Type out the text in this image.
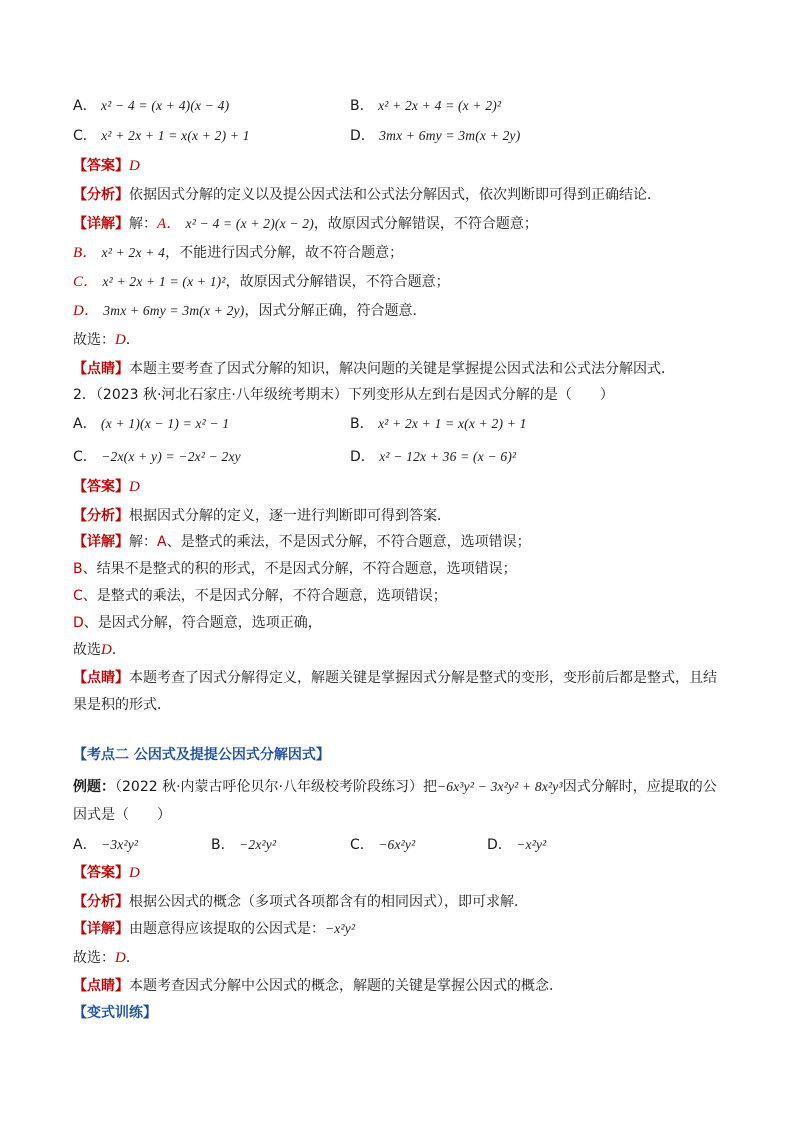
A． x² − 4 = (x + 4)(x − 4)	B． x² + 2x + 4 = (x + 2)²
C． x² + 2x + 1 = x(x + 2) + 1	D． 3mx + 6my = 3m(x + 2y)
【答案】D
【分析】依据因式分解的定义以及提公因式法和公式法分解因式，依次判断即可得到正确结论．
【详解】解：A． x² − 4 = (x + 2)(x − 2)，故原因式分解错误，不符合题意；
B． x² + 2x + 4，不能进行因式分解，故不符合题意；
C． x² + 2x + 1 = (x + 1)²，故原因式分解错误，不符合题意；
D． 3mx + 6my = 3m(x + 2y)，因式分解正确，符合题意．
故选：D．
【点睛】本题主要考查了因式分解的知识，解决问题的关键是掌握提公因式法和公式法分解因式．
2．（2023 秋·河北石家庄·八年级统考期末）下列变形从左到右是因式分解的是（　　）
A． (x + 1)(x − 1) = x² − 1	B． x² + 2x + 1 = x(x + 2) + 1
C． −2x(x + y) = −2x² − 2xy	D． x² − 12x + 36 = (x − 6)²
【答案】D
【分析】根据因式分解的定义，逐一进行判断即可得到答案．
【详解】解：A、是整式的乘法，不是因式分解，不符合题意，选项错误；
B、结果不是整式的积的形式，不是因式分解，不符合题意，选项错误；
C、是整式的乘法，不是因式分解，不符合题意，选项错误；
D、是因式分解，符合题意，选项正确，
故选D．
【点睛】本题考查了因式分解得定义，解题关键是掌握因式分解是整式的变形，变形前后都是整式，且结
果是积的形式．
【考点二 公因式及提提公因式分解因式】
例题：（2022 秋·内蒙古呼伦贝尔·八年级校考阶段练习）把−6x³y² − 3x²y² + 8x²y³因式分解时，应提取的公
因式是（　　）
A． −3x²y²	B． −2x²y²	C． −6x²y²	D． −x²y²
【答案】D
【分析】根据公因式的概念（多项式各项都含有的相同因式），即可求解．
【详解】由题意得应该提取的公因式是：−x²y²
故选：D．
【点睛】本题考查因式分解中公因式的概念，解题的关键是掌握公因式的概念．
【变式训练】
